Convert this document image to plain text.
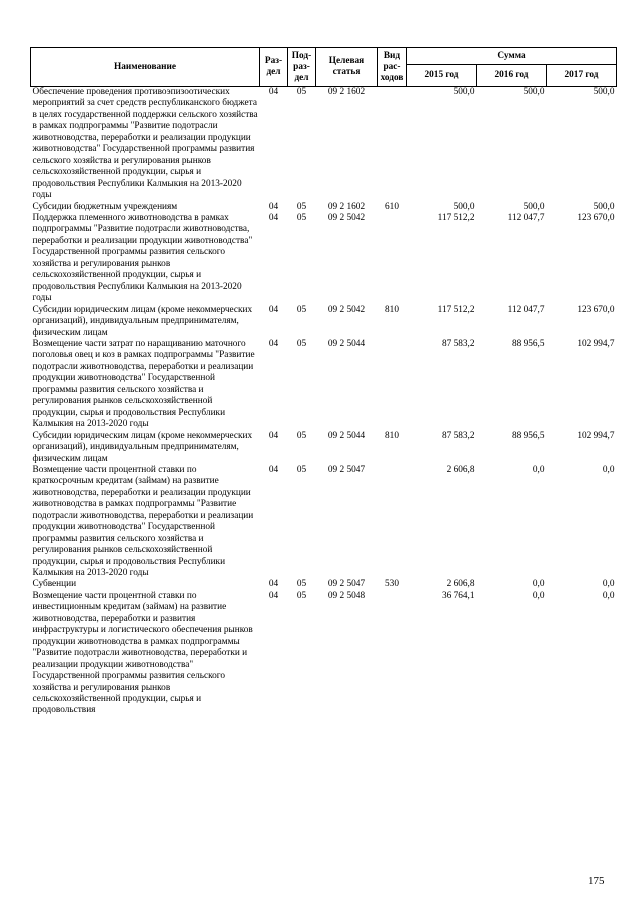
Наименование	Раз-дел	Под-раз-дел	Целевая статья	Вид рас-ходов	Сумма		
					2015 год	2016 год	2017 год
Обеспечение проведения противоэпизоотических мероприятий за счет средств республиканского бюджета в целях государственной поддержки сельского хозяйства в рамках подпрограммы "Развитие подотрасли животноводства, переработки и реализации продукции животноводства" Государственной программы развития сельского хозяйства и регулирования рынков сельскохозяйственной продукции, сырья и продовольствия Республики Калмыкия на 2013-2020 годы	04	05	09 2 1602		500,0	500,0	500,0
Субсидии бюджетным учреждениям	04	05	09 2 1602	610	500,0	500,0	500,0
Поддержка племенного животноводства в рамках подпрограммы "Развитие подотрасли животноводства, переработки и реализации продукции животноводства" Государственной программы развития сельского хозяйства и регулирования рынков сельскохозяйственной продукции, сырья и продовольствия Республики Калмыкия на 2013-2020 годы	04	05	09 2 5042		117 512,2	112 047,7	123 670,0
Субсидии юридическим лицам (кроме некоммерческих организаций), индивидуальным предпринимателям, физическим лицам	04	05	09 2 5042	810	117 512,2	112 047,7	123 670,0
Возмещение части затрат по наращиванию маточного поголовья овец и коз в рамках подпрограммы "Развитие подотрасли животноводства, переработки и реализации продукции животноводства" Государственной программы развития сельского хозяйства и регулирования рынков сельскохозяйственной продукции, сырья и продовольствия Республики Калмыкия на 2013-2020 годы	04	05	09 2 5044		87 583,2	88 956,5	102 994,7
Субсидии юридическим лицам (кроме некоммерческих организаций), индивидуальным предпринимателям, физическим лицам	04	05	09 2 5044	810	87 583,2	88 956,5	102 994,7
Возмещение части процентной ставки по краткосрочным кредитам (займам) на развитие животноводства, переработки и реализации продукции животноводства в рамках подпрограммы "Развитие подотрасли животноводства, переработки и реализации продукции животноводства" Государственной программы развития сельского хозяйства и регулирования рынков сельскохозяйственной продукции, сырья и продовольствия Республики Калмыкия на 2013-2020 годы	04	05	09 2 5047		2 606,8	0,0	0,0
Субвенции	04	05	09 2 5047	530	2 606,8	0,0	0,0
Возмещение части процентной ставки по инвестиционным кредитам (займам) на развитие животноводства, переработки и развития инфраструктуры и логистического обеспечения рынков продукции животноводства в рамках подпрограммы "Развитие подотрасли животноводства, переработки и реализации продукции животноводства" Государственной программы развития сельского хозяйства и регулирования рынков сельскохозяйственной продукции, сырья и продовольствия	04	05	09 2 5048		36 764,1	0,0	0,0
175
